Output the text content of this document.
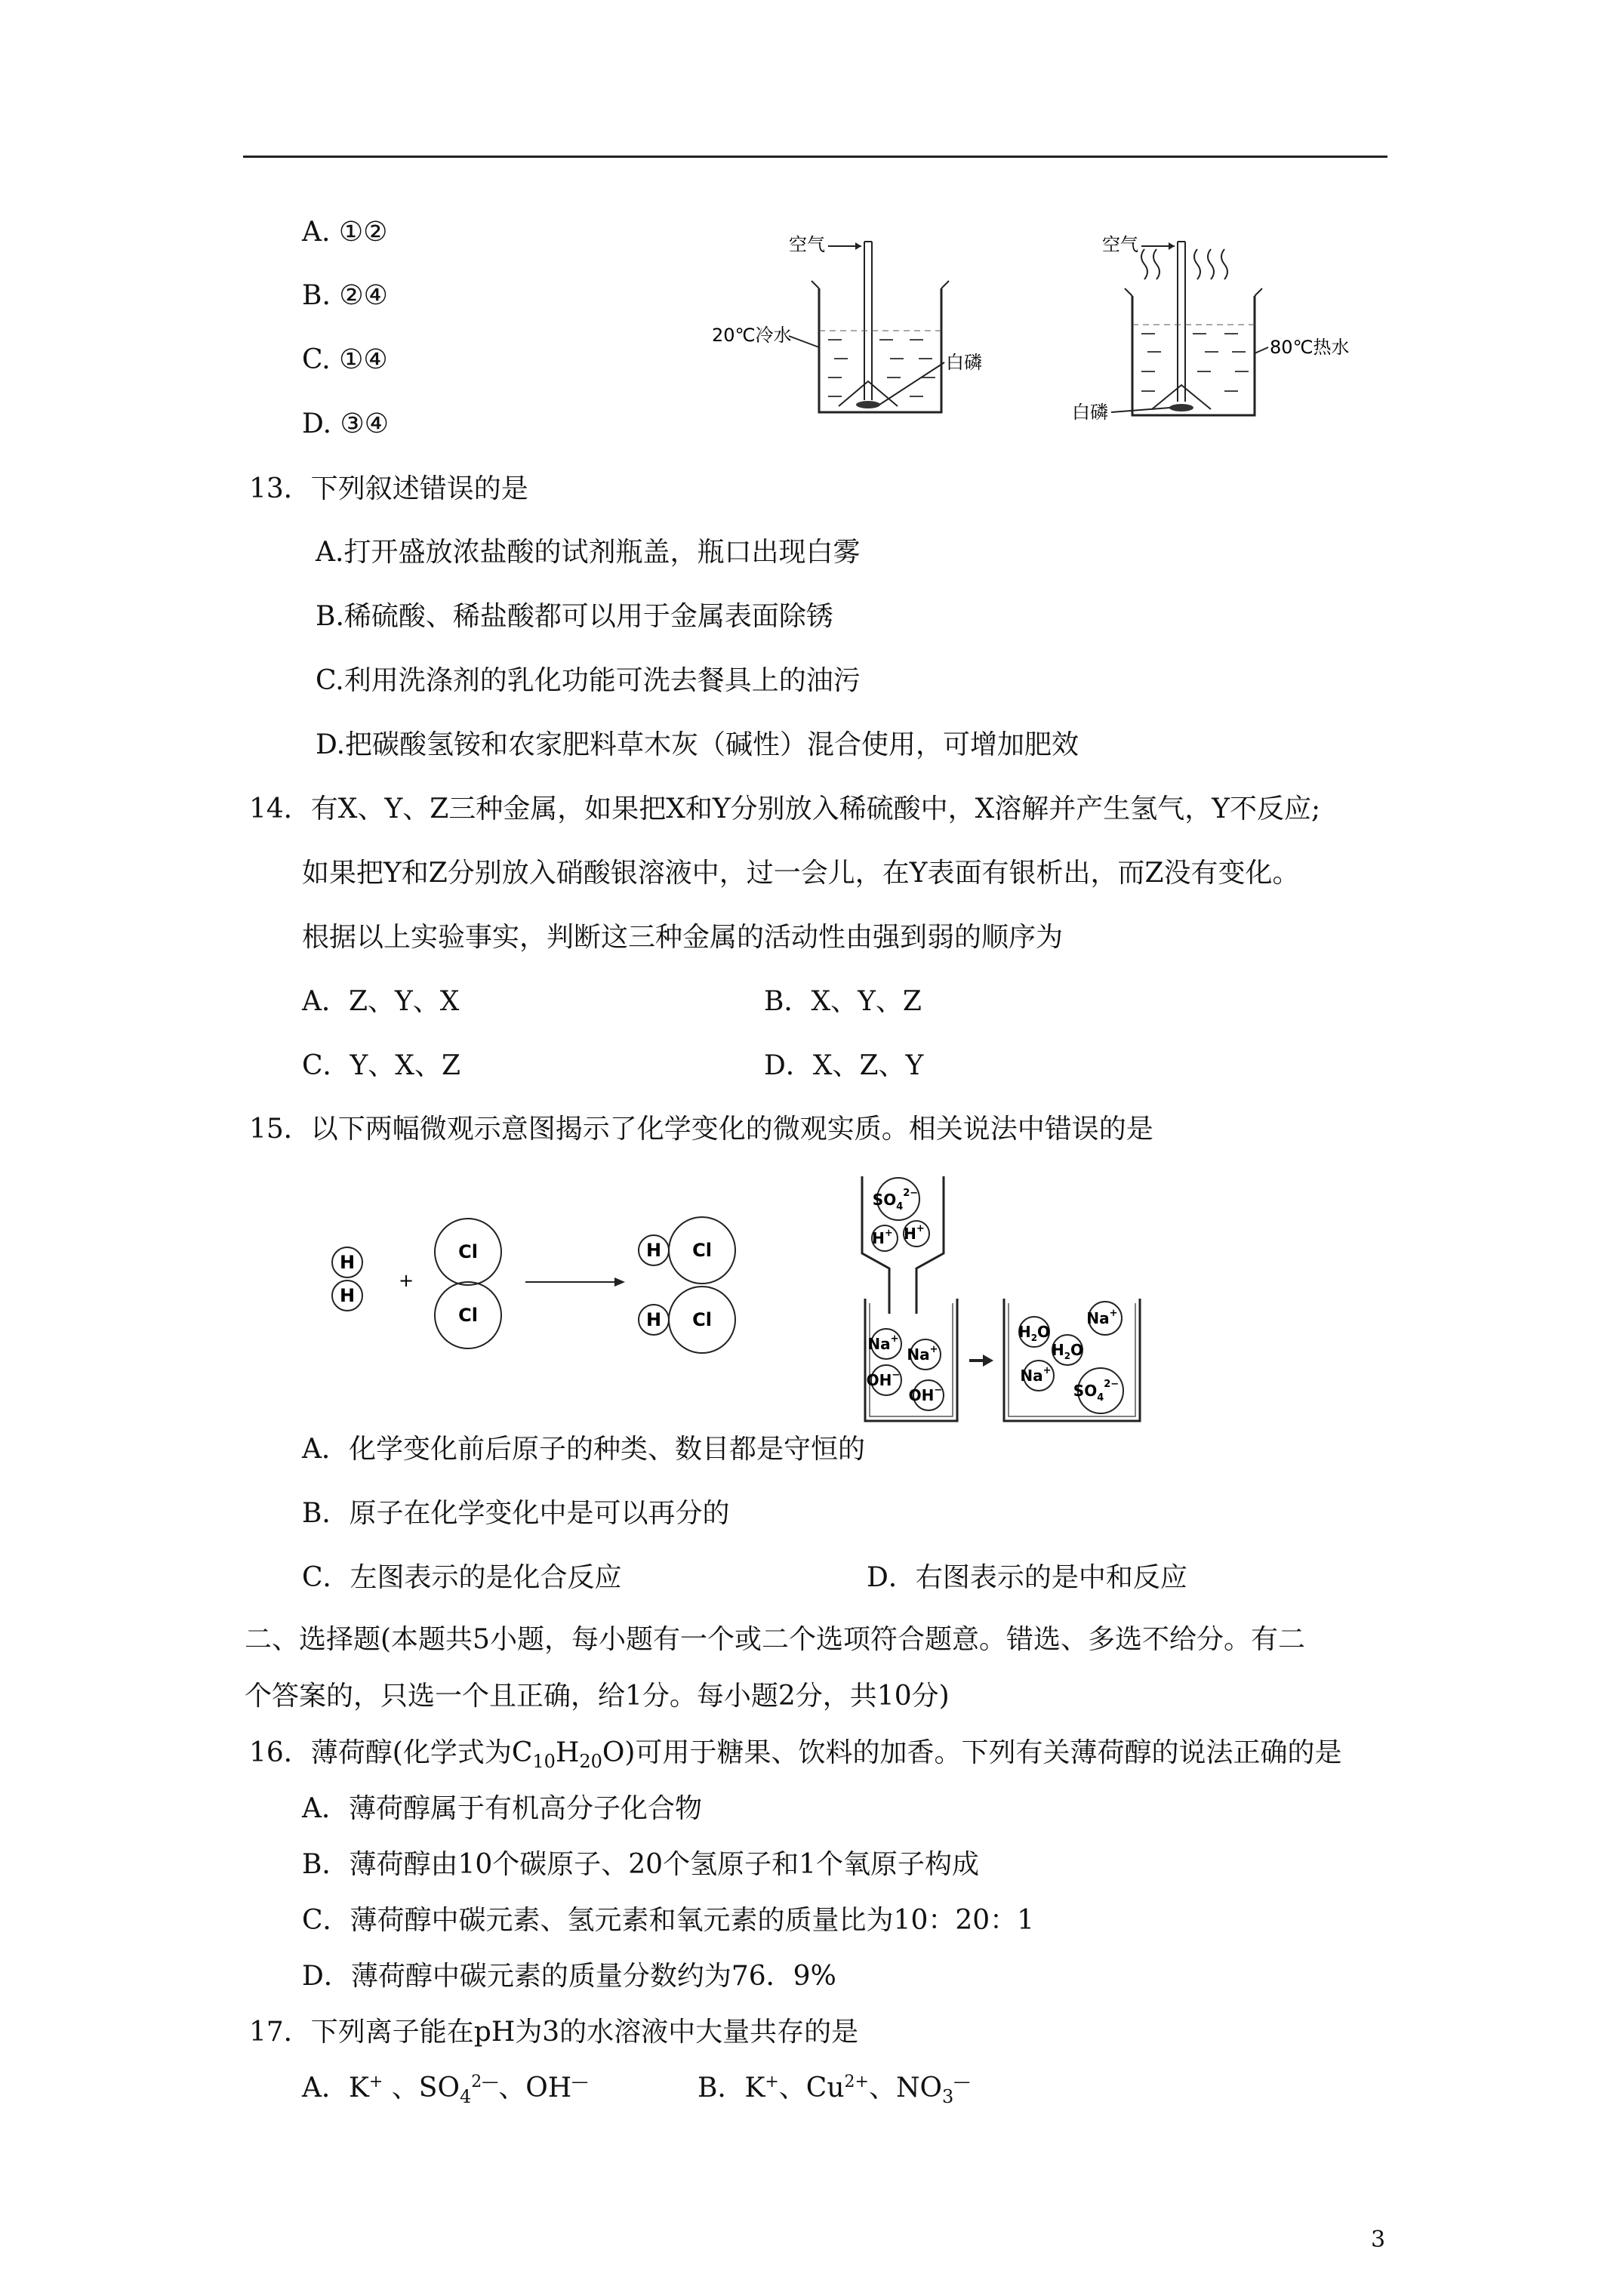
A. ①②
B. ②④
C. ①④
D. ③④
空气
20℃冷水
白磷
空气
80℃热水
白磷
13．下列叙述错误的是
A.打开盛放浓盐酸的试剂瓶盖，瓶口出现白雾
B.稀硫酸、稀盐酸都可以用于金属表面除锈
C.利用洗涤剂的乳化功能可洗去餐具上的油污
D.把碳酸氢铵和农家肥料草木灰（碱性）混合使用，可增加肥效
14．有X、Y、Z三种金属，如果把X和Y分别放入稀硫酸中，X溶解并产生氢气，Y不反应;
如果把Y和Z分别放入硝酸银溶液中，过一会儿，在Y表面有银析出，而Z没有变化。
根据以上实验事实，判断这三种金属的活动性由强到弱的顺序为
A．Z、Y、X	B．X、Y、Z
C．Y、X、Z	D．X、Z、Y
15．以下两幅微观示意图揭示了化学变化的微观实质。相关说法中错误的是
H
H
+
Cl
Cl
H Cl
H Cl
$SO_4^{2-}$
H+ H+
Na+
Na+
OH−
OH−
$H_2O$
$H_2O$
Na+
Na+
$SO_4^{2-}$
A．化学变化前后原子的种类、数目都是守恒的
B．原子在化学变化中是可以再分的
C．左图表示的是化合反应	D．右图表示的是中和反应
二、选择题(本题共5小题，每小题有一个或二个选项符合题意。错选、多选不给分。有二
个答案的，只选一个且正确，给1分。每小题2分，共10分)
16．薄荷醇(化学式为$C_{10}H_{20}O$)可用于糖果、饮料的加香。下列有关薄荷醇的说法正确的是
A．薄荷醇属于有机高分子化合物
B．薄荷醇由10个碳原子、20个氢原子和1个氧原子构成
C．薄荷醇中碳元素、氢元素和氧元素的质量比为10：20：1
D．薄荷醇中碳元素的质量分数约为76．9%
17．下列离子能在pH为3的水溶液中大量共存的是
A．K+ 、$SO_4^{2—}$、OH—	B．K+、$Cu^{2+}$、$NO_3^—$
3
